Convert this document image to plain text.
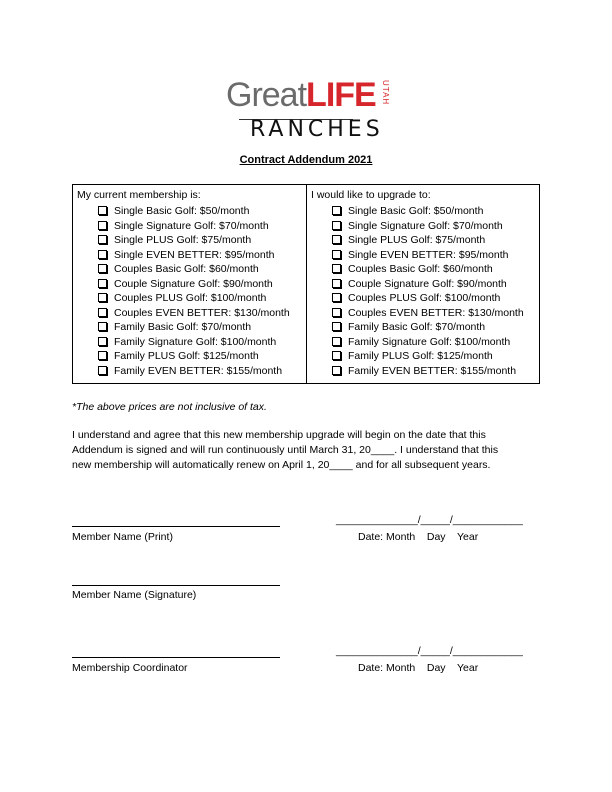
GreatLIFE UTAH
RANCHES
Contract Addendum 2021
My current membership is:
Single Basic Golf: $50/month
Single Signature Golf: $70/month
Single PLUS Golf: $75/month
Single EVEN BETTER: $95/month
Couples Basic Golf: $60/month
Couple Signature Golf: $90/month
Couples PLUS Golf: $100/month
Couples EVEN BETTER: $130/month
Family Basic Golf: $70/month
Family Signature Golf: $100/month
Family PLUS Golf: $125/month
Family EVEN BETTER: $155/month
I would like to upgrade to:
Single Basic Golf: $50/month
Single Signature Golf: $70/month
Single PLUS Golf: $75/month
Single EVEN BETTER: $95/month
Couples Basic Golf: $60/month
Couple Signature Golf: $90/month
Couples PLUS Golf: $100/month
Couples EVEN BETTER: $130/month
Family Basic Golf: $70/month
Family Signature Golf: $100/month
Family PLUS Golf: $125/month
Family EVEN BETTER: $155/month
*The above prices are not inclusive of tax.
I understand and agree that this new membership upgrade will begin on the date that this
Addendum is signed and will run continuously until March 31, 20____. I understand that this
new membership will automatically renew on April 1, 20____ and for all subsequent years.
Member Name (Print)
______________/_____/____________
Date: Month    Day    Year
Member Name (Signature)
Membership Coordinator
______________/_____/____________
Date: Month    Day    Year
